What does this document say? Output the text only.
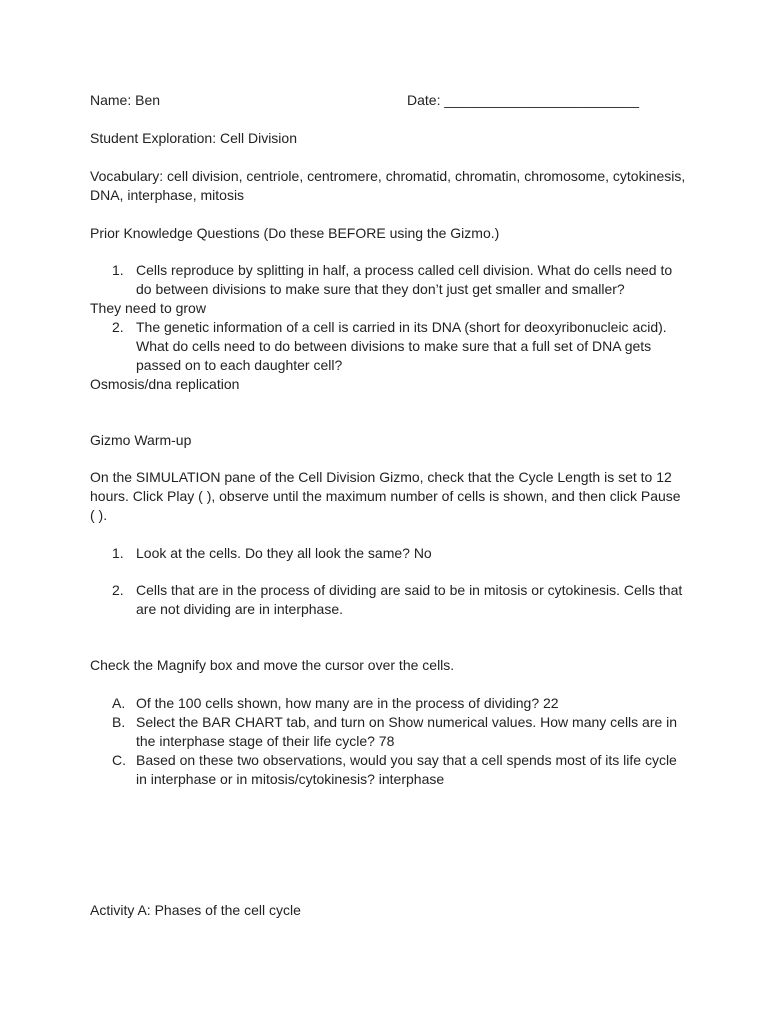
Name: Ben	Date: _________________________
Student Exploration: Cell Division
Vocabulary: cell division, centriole, centromere, chromatid, chromatin, chromosome, cytokinesis,
DNA, interphase, mitosis
Prior Knowledge Questions (Do these BEFORE using the Gizmo.)
1. Cells reproduce by splitting in half, a process called cell division. What do cells need to
do between divisions to make sure that they don’t just get smaller and smaller?
They need to grow
2. The genetic information of a cell is carried in its DNA (short for deoxyribonucleic acid).
What do cells need to do between divisions to make sure that a full set of DNA gets
passed on to each daughter cell?
Osmosis/dna replication
Gizmo Warm-up
On the SIMULATION pane of the Cell Division Gizmo, check that the Cycle Length is set to 12
hours. Click Play ( ), observe until the maximum number of cells is shown, and then click Pause
( ).
1. Look at the cells. Do they all look the same? No
2. Cells that are in the process of dividing are said to be in mitosis or cytokinesis. Cells that
are not dividing are in interphase.
Check the Magnify box and move the cursor over the cells.
A. Of the 100 cells shown, how many are in the process of dividing? 22
B. Select the BAR CHART tab, and turn on Show numerical values. How many cells are in
the interphase stage of their life cycle? 78
C. Based on these two observations, would you say that a cell spends most of its life cycle
in interphase or in mitosis/cytokinesis? interphase
Activity A: Phases of the cell cycle
